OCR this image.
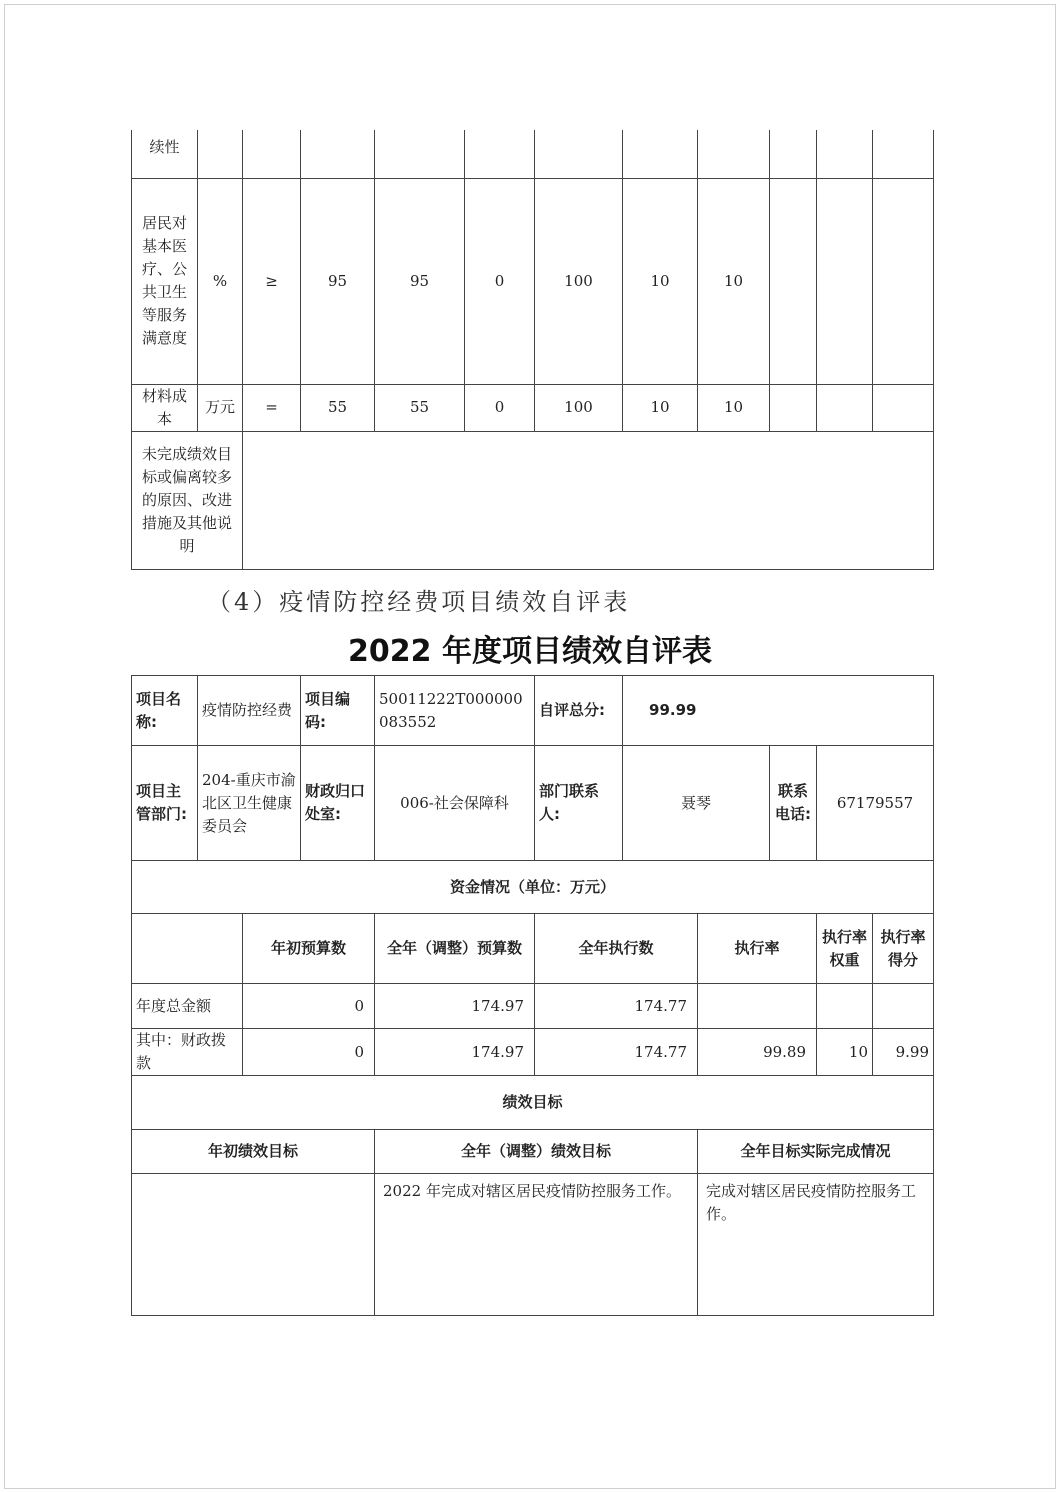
续性											
居民对基本医疗、公共卫生等服务满意度	%	≥	95	95	0	100	10	10			
材料成本	万元	=	55	55	0	100	10	10			
未完成绩效目标或偏离较多的原因、改进措施及其他说明											
（4）疫情防控经费项目绩效自评表
2022 年度项目绩效自评表
项目名称:	疫情防控经费		项目编码:	50011222T000000083552	自评总分:	99.99				
项目主管部门:	204-重庆市渝北区卫生健康委员会		财政归口处室:	006-社会保障科	部门联系人:	聂琴		联系电话:	67179557	
资金情况（单位：万元）										
		年初预算数		全年（调整）预算数	全年执行数		执行率		执行率权重	执行率得分
年度总金额		0		174.97	174.77					
其中：财政拨款		0		174.97	174.77		99.89		10	9.99
绩效目标										
年初绩效目标				全年（调整）绩效目标			全年目标实际完成情况			
				2022 年完成对辖区居民疫情防控服务工作。			完成对辖区居民疫情防控服务工作。			
